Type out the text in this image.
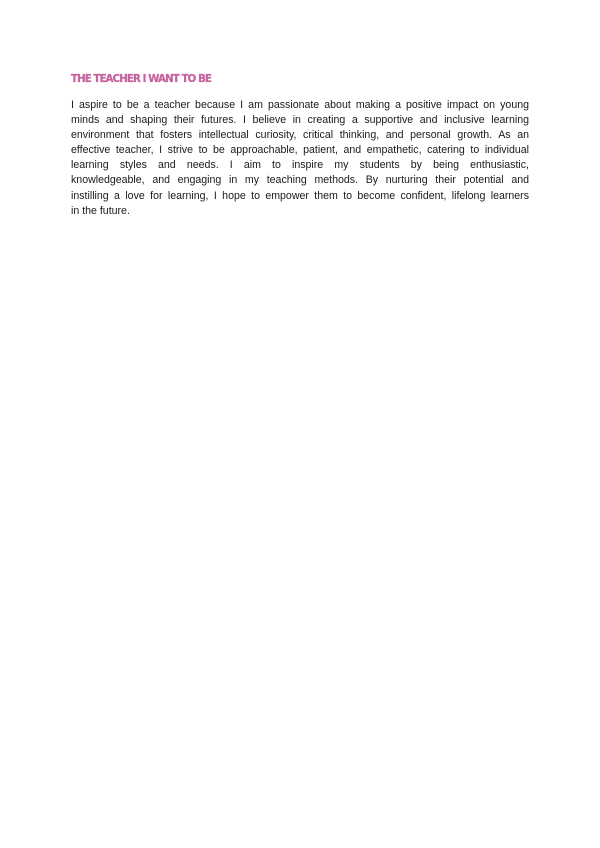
THE TEACHER I WANT TO BE
I aspire to be a teacher because I am passionate about making a positive impact on young
minds and shaping their futures. I believe in creating a supportive and inclusive learning
environment that fosters intellectual curiosity, critical thinking, and personal growth. As an
effective teacher, I strive to be approachable, patient, and empathetic, catering to individual
learning styles and needs. I aim to inspire my students by being enthusiastic,
knowledgeable, and engaging in my teaching methods. By nurturing their potential and
instilling a love for learning, I hope to empower them to become confident, lifelong learners
in the future.
